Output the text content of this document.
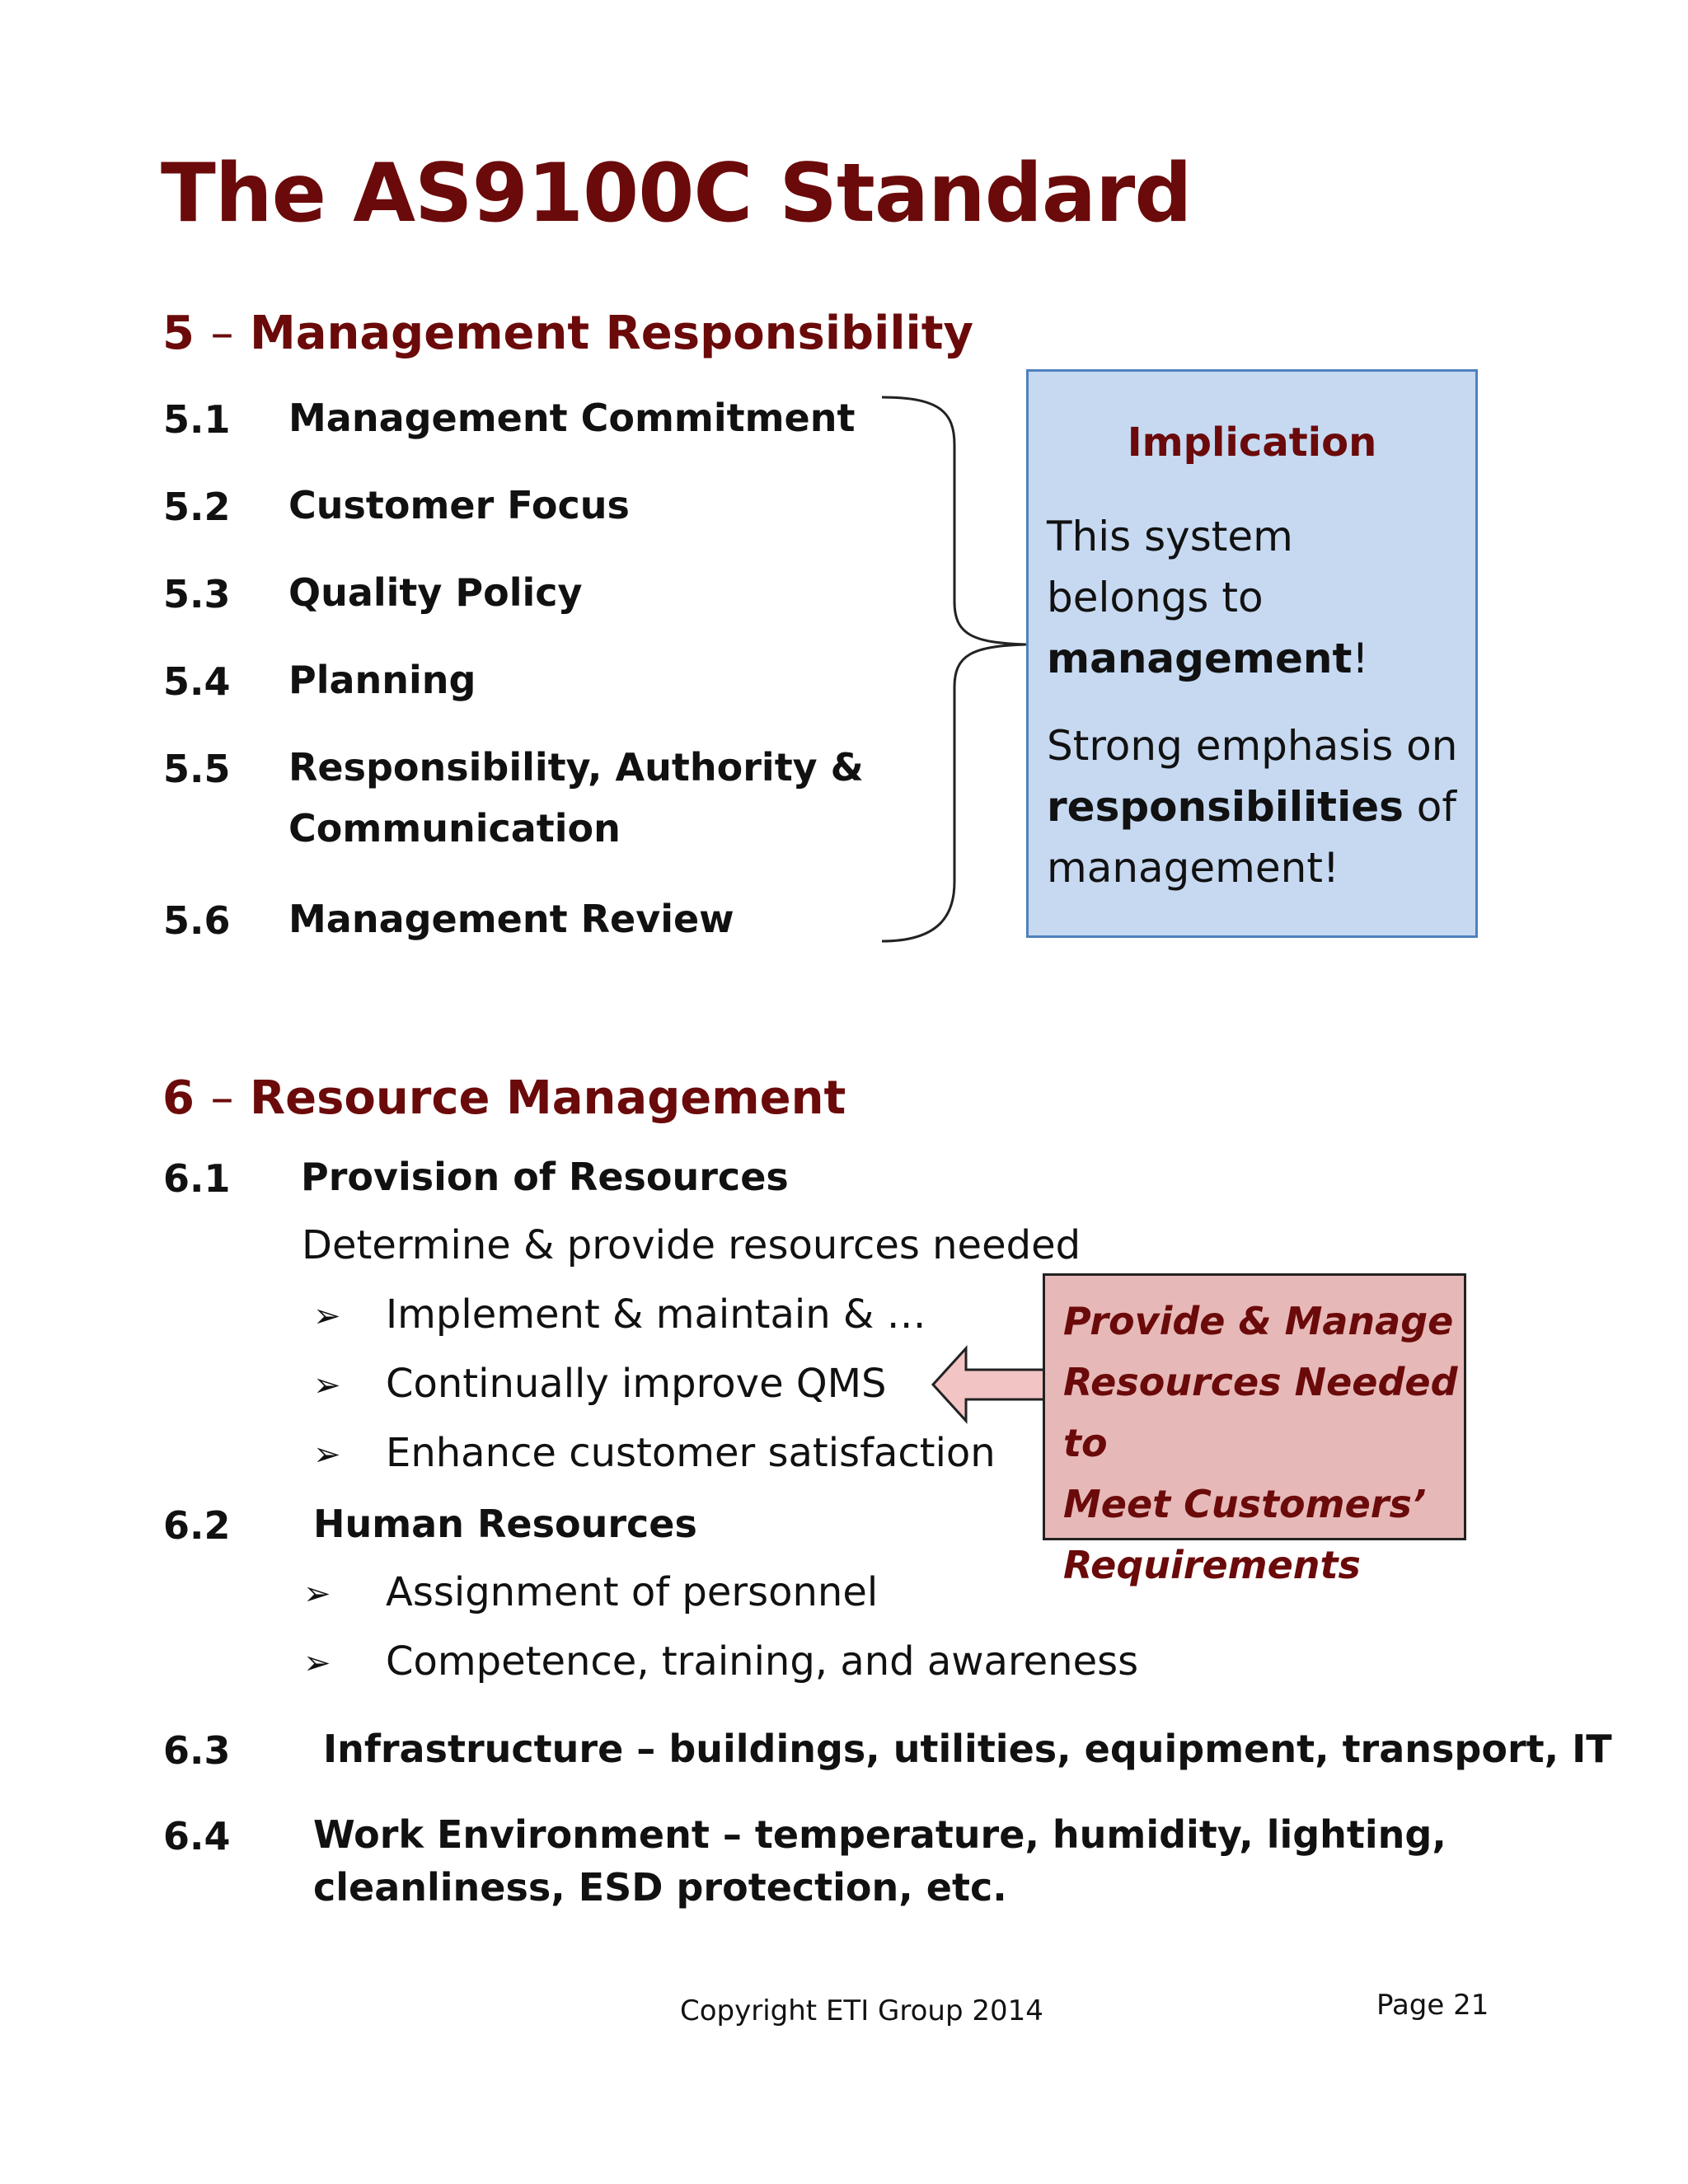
The AS9100C Standard
5 – Management Responsibility
5.1 Management Commitment
5.2 Customer Focus
5.3 Quality Policy
5.4 Planning
5.5 Responsibility, Authority &
Communication
5.6 Management Review
Implication

This system belongs to
management!

Strong emphasis on
responsibilities of
management!

6 – Resource Management
6.1 Provision of Resources
Determine & provide resources needed
➢ Implement & maintain & …
➢ Continually improve QMS
➢ Enhance customer satisfaction

Provide & Manage
Resources Needed to
Meet Customers’
Requirements

6.2 Human Resources
➢ Assignment of personnel
➢ Competence, training, and awareness
6.3 Infrastructure – buildings, utilities, equipment, transport, IT
6.4 Work Environment – temperature, humidity, lighting,
cleanliness, ESD protection, etc.
Copyright ETI Group 2014	Page 21
